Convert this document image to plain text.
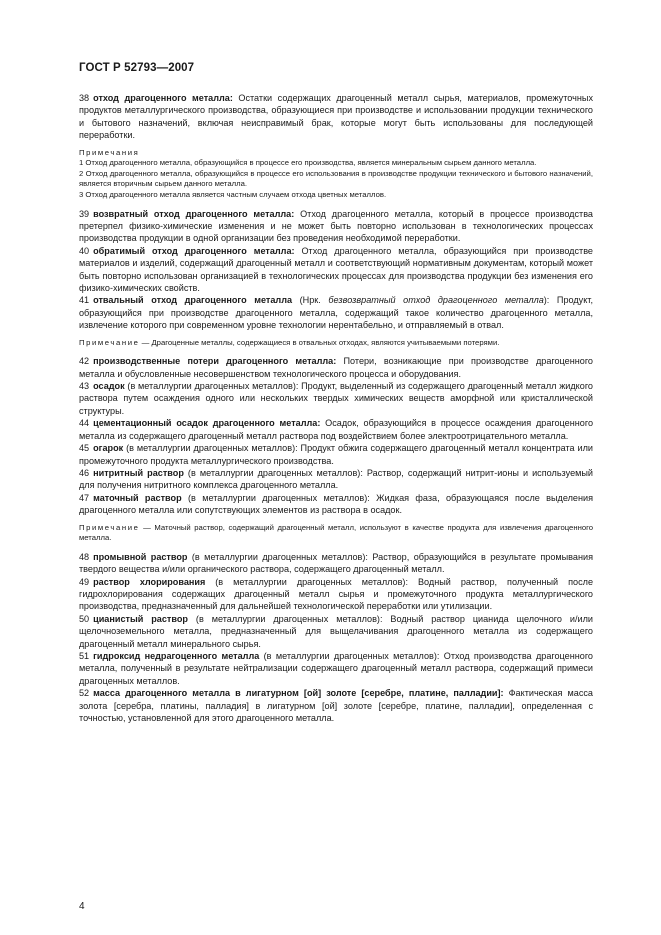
ГОСТ Р 52793—2007

38 отход драгоценного металла: Остатки содержащих драгоценный металл сырья, материалов, промежуточных продуктов металлургического производства, образующиеся при производстве и использовании продукции технического и бытового назначений, включая неисправимый брак, которые могут быть использованы для последующей переработки.

Примечания
1 Отход драгоценного металла, образующийся в процессе его производства, является минеральным сырьем данного металла.
2 Отход драгоценного металла, образующийся в процессе его использования в производстве продукции технического и бытового назначений, является вторичным сырьем данного металла.
3 Отход драгоценного металла является частным случаем отхода цветных металлов.

39 возвратный отход драгоценного металла: Отход драгоценного металла, который в процессе производства претерпел физико-химические изменения и не может быть повторно использован в технологических процессах производства продукции в одной организации без проведения необходимой переработки.

40 обратимый отход драгоценного металла: Отход драгоценного металла, образующийся при производстве материалов и изделий, содержащий драгоценный металл и соответствующий нормативным документам, который может быть повторно использован организацией в технологических процессах для производства продукции без изменения его физико-химических свойств.

41 отвальный отход драгоценного металла (Нрк. безвозвратный отход драгоценного металла): Продукт, образующийся при производстве драгоценного металла, содержащий такое количество драгоценного металла, извлечение которого при современном уровне технологии нерентабельно, и отправляемый в отвал.

Примечание — Драгоценные металлы, содержащиеся в отвальных отходах, являются учитываемыми потерями.

42 производственные потери драгоценного металла: Потери, возникающие при производстве драгоценного металла и обусловленные несовершенством технологического процесса и оборудования.

43 осадок (в металлургии драгоценных металлов): Продукт, выделенный из содержащего драгоценный металл жидкого раствора путем осаждения одного или нескольких твердых химических веществ аморфной или кристаллической структуры.

44 цементационный осадок драгоценного металла: Осадок, образующийся в процессе осаждения драгоценного металла из содержащего драгоценный металл раствора под воздействием более электроотрицательного металла.

45 огарок (в металлургии драгоценных металлов): Продукт обжига содержащего драгоценный металл концентрата или промежуточного продукта металлургического производства.

46 нитритный раствор (в металлургии драгоценных металлов): Раствор, содержащий нитрит-ионы и используемый для получения нитритного комплекса драгоценного металла.

47 маточный раствор (в металлургии драгоценных металлов): Жидкая фаза, образующаяся после выделения драгоценного металла или сопутствующих элементов из раствора в осадок.

Примечание — Маточный раствор, содержащий драгоценный металл, используют в качестве продукта для извлечения драгоценного металла.

48 промывной раствор (в металлургии драгоценных металлов): Раствор, образующийся в результате промывания твердого вещества и/или органического раствора, содержащего драгоценный металл.

49 раствор хлорирования (в металлургии драгоценных металлов): Водный раствор, полученный после гидрохлорирования содержащих драгоценный металл сырья и промежуточного продукта металлургического производства, предназначенный для дальнейшей технологической переработки или утилизации.

50 цианистый раствор (в металлургии драгоценных металлов): Водный раствор цианида щелочного и/или щелочноземельного металла, предназначенный для выщелачивания драгоценного металла из содержащего драгоценный металл минерального сырья.

51 гидроксид недрагоценного металла (в металлургии драгоценных металлов): Отход производства драгоценного металла, полученный в результате нейтрализации содержащего драгоценный металл раствора, содержащий примеси драгоценных металлов.

52 масса драгоценного металла в лигатурном [ой] золоте [серебре, платине, палладии]: Фактическая масса золота [серебра, платины, палладия] в лигатурном [ой] золоте [серебре, платине, палладии], определенная с точностью, установленной для этого драгоценного металла.

4
